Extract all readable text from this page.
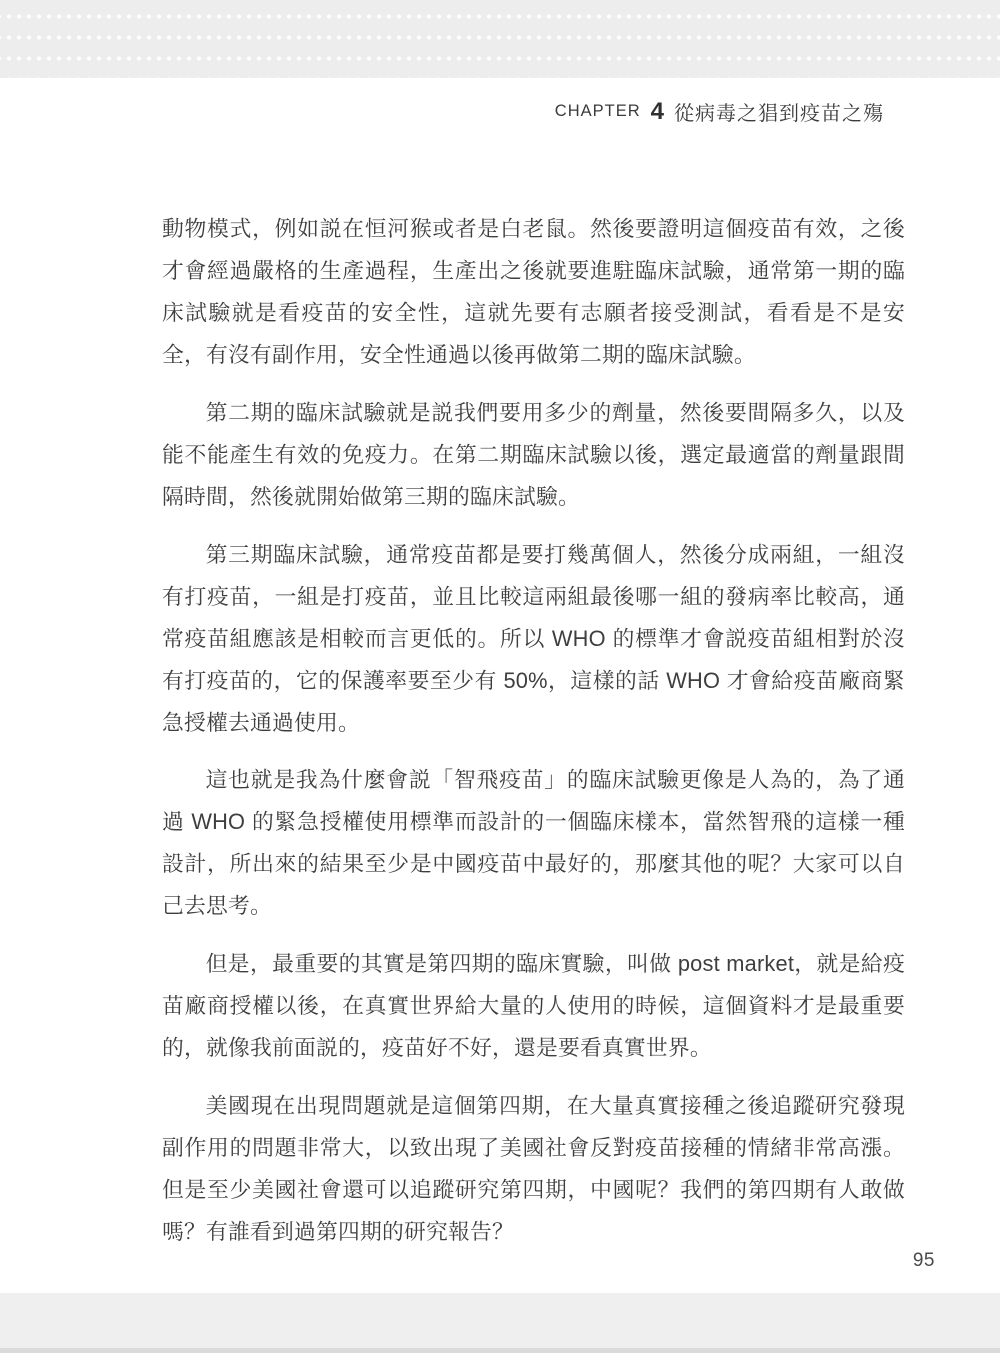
CHAPTER 4 從病毒之猖到疫苗之殤

動物模式，例如説在恒河猴或者是白老鼠。然後要證明這個疫苗有效，之後才會經過嚴格的生產過程，生產出之後就要進駐臨床試驗，通常第一期的臨床試驗就是看疫苗的安全性，這就先要有志願者接受測試，看看是不是安全，有沒有副作用，安全性通過以後再做第二期的臨床試驗。

第二期的臨床試驗就是説我們要用多少的劑量，然後要間隔多久，以及能不能產生有效的免疫力。在第二期臨床試驗以後，選定最適當的劑量跟間隔時間，然後就開始做第三期的臨床試驗。

第三期臨床試驗，通常疫苗都是要打幾萬個人，然後分成兩組，一組沒有打疫苗，一組是打疫苗，並且比較這兩組最後哪一組的發病率比較高，通常疫苗組應該是相較而言更低的。所以 WHO 的標準才會説疫苗組相對於沒有打疫苗的，它的保護率要至少有 50%，這樣的話 WHO 才會給疫苗廠商緊急授權去通過使用。

這也就是我為什麼會説「智飛疫苗」的臨床試驗更像是人為的，為了通過 WHO 的緊急授權使用標準而設計的一個臨床樣本，當然智飛的這樣一種設計，所出來的結果至少是中國疫苗中最好的，那麼其他的呢？大家可以自己去思考。

但是，最重要的其實是第四期的臨床實驗，叫做 post market，就是給疫苗廠商授權以後，在真實世界給大量的人使用的時候，這個資料才是最重要的，就像我前面説的，疫苗好不好，還是要看真實世界。

美國現在出現問題就是這個第四期，在大量真實接種之後追蹤研究發現副作用的問題非常大，以致出現了美國社會反對疫苗接種的情緒非常高漲。但是至少美國社會還可以追蹤研究第四期，中國呢？我們的第四期有人敢做嗎？有誰看到過第四期的研究報告？

95
